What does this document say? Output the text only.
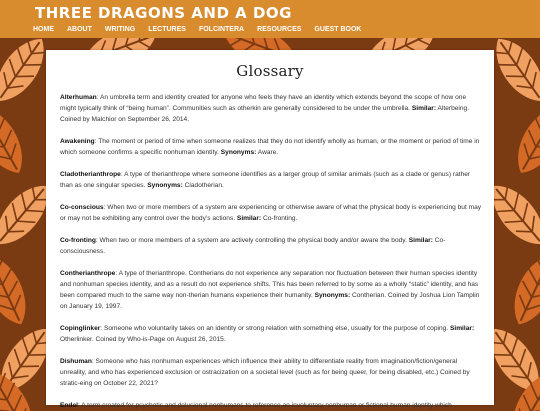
THREE DRAGONS AND A DOG
HOME ABOUT WRITING LECTURES FOLCINTERA RESOURCES GUEST BOOK
Glossary

Alterhuman: An umbrella term and identity created for anyone who feels they have an identity which extends beyond the scope of how one might typically think of “being human”. Communities such as otherkin are generally considered to be under the umbrella. Similar: Alterbeing. Coined by Malchior on September 26, 2014.

Awakening: The moment or period of time when someone realizes that they do not identify wholly as human, or the moment or period of time in which someone confirms a specific nonhuman identity. Synonyms: Aware.

Cladotherianthrope: A type of therianthrope where someone identifies as a larger group of similar animals (such as a clade or genus) rather than as one singular species. Synonyms: Cladotherian.

Co-conscious: When two or more members of a system are experiencing or otherwise aware of what the physical body is experiencing but may or may not be exhibiting any control over the body’s actions. Similar: Co-fronting.

Co-fronting: When two or more members of a system are actively controlling the physical body and/or aware the body. Similar: Co-consciousness.

Contherianthrope: A type of therianthrope. Contherians do not experience any separation nor fluctuation between their human species identity and nonhuman species identity, and as a result do not experience shifts. This has been referred to by some as a wholly “static” identity, and has been compared much to the same way non-therian humans experience their humanity. Synonyms: Contherian. Coined by Joshua Lion Tamplin on January 19, 1997.

Copinglinker: Someone who voluntarily takes on an identity or strong relation with something else, usually for the purpose of coping. Similar: Otherlinker. Coined by Who-is-Page on August 26, 2015.

Dishuman: Someone who has nonhuman experiences which influence their ability to differentiate reality from imagination/fiction/general unreality, and who has experienced exclusion or ostracization on a societal level (such as for being queer, for being disabled, etc.) Coined by stratic-eing on October 22, 2021?

Endel: A term created for psychotic and delusional nonhumans to reference an involuntary nonhuman or fictional human identity which
